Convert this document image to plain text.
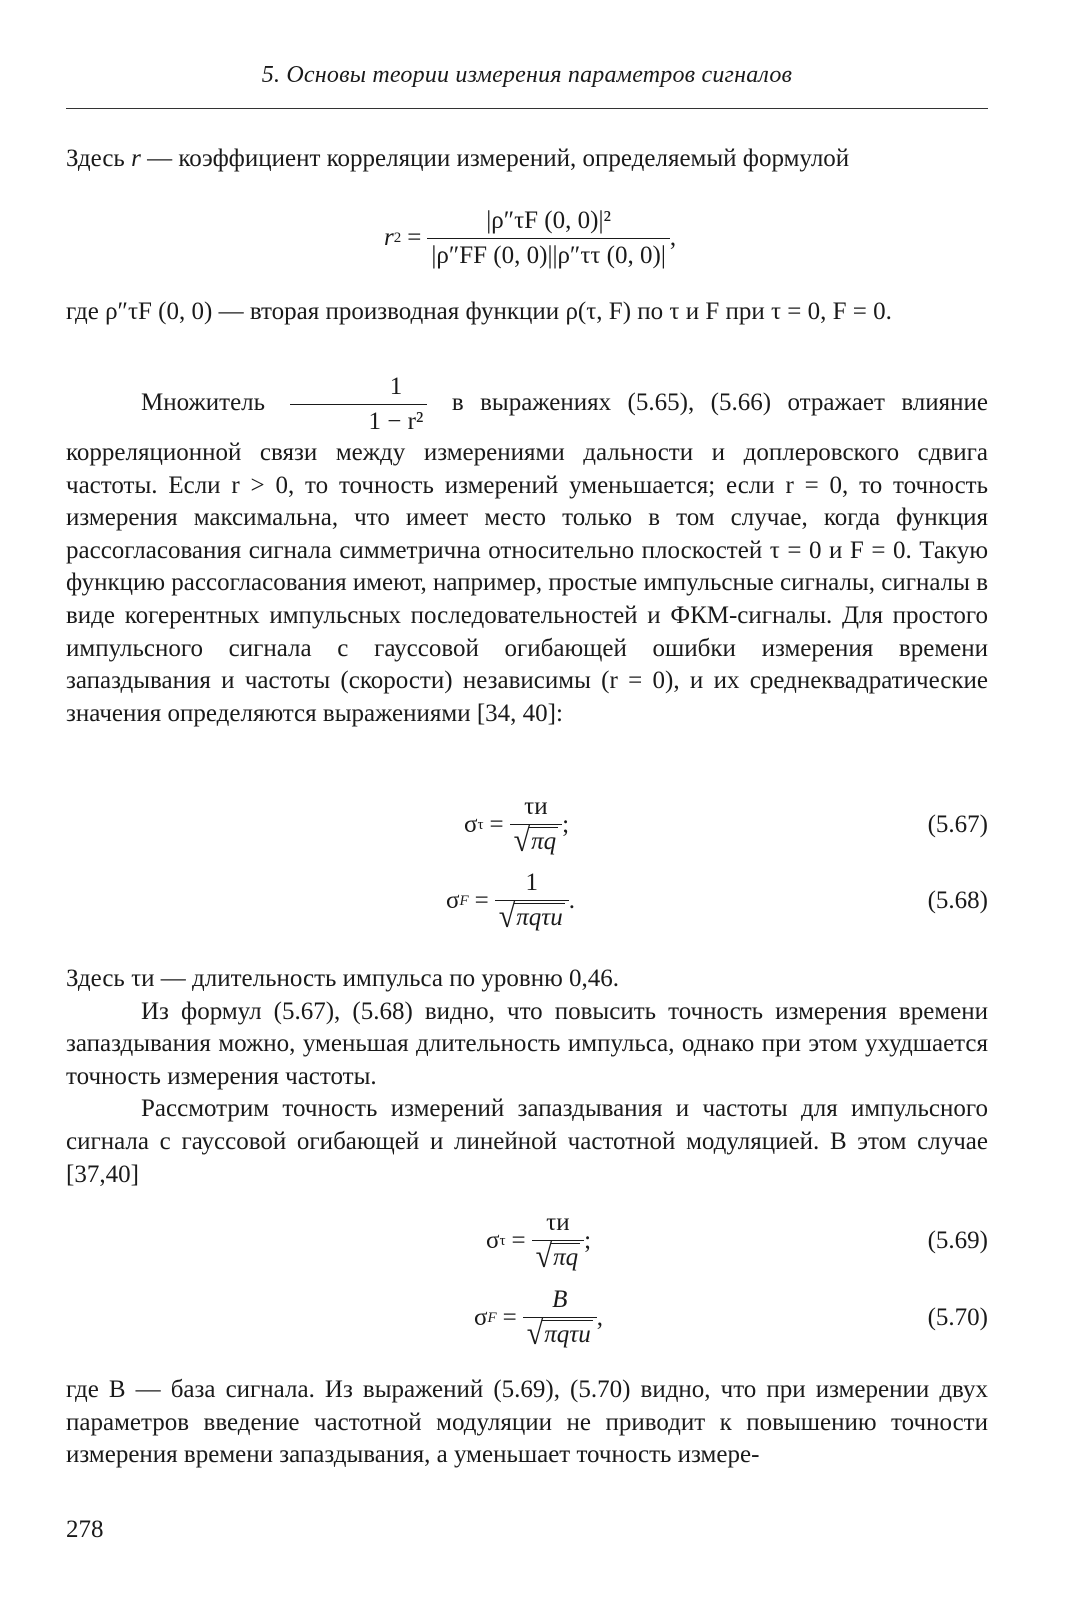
5. Основы теории измерения параметров сигналов

Здесь r — коэффициент корреляции измерений, определяемый формулой

r $2 = \frac{\text{|ρ″τF (0, 0)|²}}{|\rho''FF (0, 0)||\rho''\tau\tau (0, 0)|}$ ,

где ρ″τF (0, 0) — вторая производная функции ρ(τ, F) по τ и F при τ = 0, F = 0.

Множитель $\frac{1}{\text{1 − r²}}$ в выражениях (5.65), (5.66) отражает влияние корреляционной связи между измерениями дальности и доплеровского сдвига частоты. Если r > 0, то точность измерений уменьшается; если r = 0, то точность измерения максимальна, что имеет место только в том случае, когда функция рассогласования сигнала симметрична относительно плоскостей τ = 0 и F = 0. Такую функцию рассогласования имеют, например, простые импульсные сигналы, сигналы в виде когерентных импульсных последовательностей и ФКМ-сигналы. Для простого импульсного сигнала с гауссовой огибающей ошибки измерения времени запаздывания и частоты (скорости) независимы (r = 0), и их среднеквадратические значения определяются выражениями [34, 40]:

σ $\tau = \frac{\tau и}{√ \pi q}$ ;	(5.67)
σ $F = \frac{1}{\text{√ πqτи}}$ .	(5.68)

Здесь τи — длительность импульса по уровню 0,46.

Из формул (5.67), (5.68) видно, что повысить точность измерения времени запаздывания можно, уменьшая длительность импульса, однако при этом ухудшается точность измерения частоты.

Рассмотрим точность измерений запаздывания и частоты для импульсного сигнала с гауссовой огибающей и линейной частотной модуляцией. В этом случае [37,40]

σ $\tau = \frac{\tau и}{√ \pi q}$ ;	(5.69)
σ $F = \frac{B}{\text{√ πqτи}}$ ,	(5.70)

где B — база сигнала. Из выражений (5.69), (5.70) видно, что при измерении двух параметров введение частотной модуляции не приводит к повышению точности измерения времени запаздывания, а уменьшает точность измере-

278
